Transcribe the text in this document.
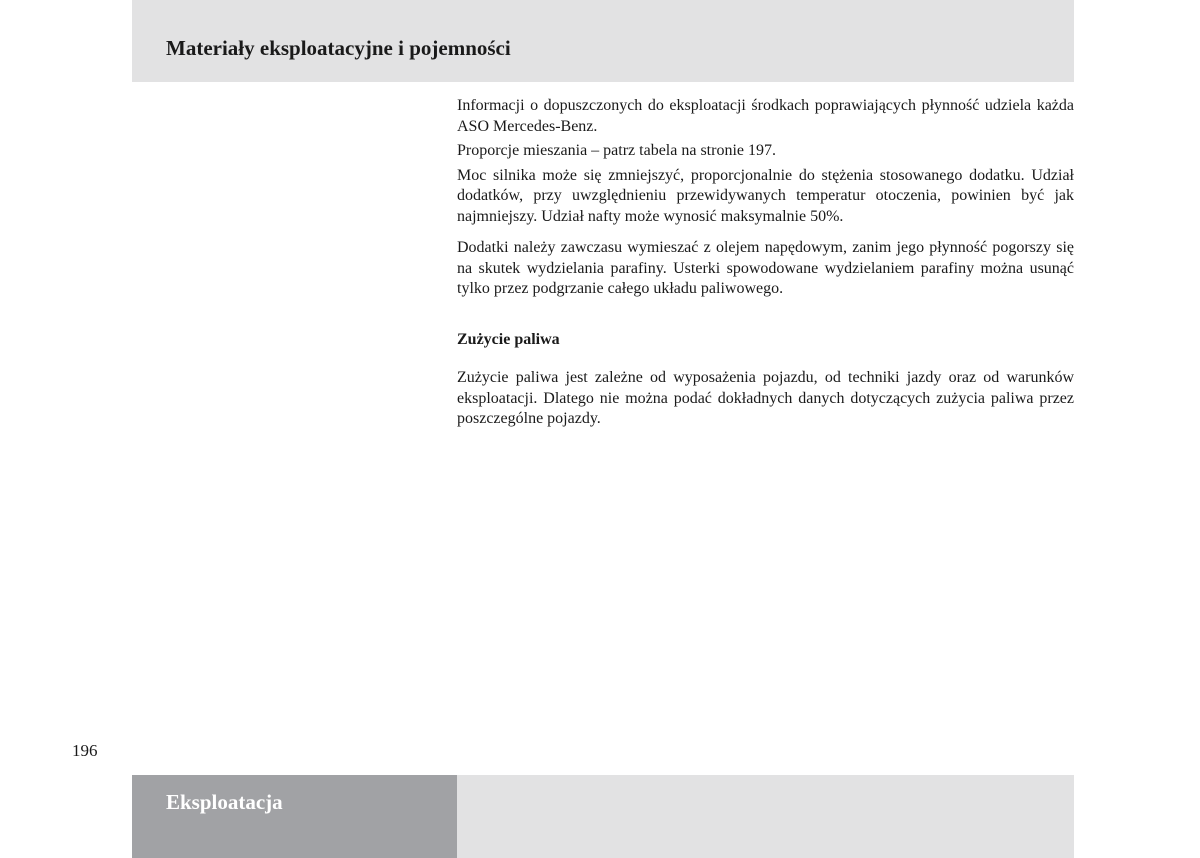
Materiały eksploatacyjne i pojemności

Informacji o dopuszczonych do eksploatacji środkach poprawiających płynność udziela każda ASO Mercedes-Benz.

Proporcje mieszania – patrz tabela na stronie 197.

Moc silnika może się zmniejszyć, proporcjonalnie do stężenia stosowanego dodatku. Udział dodatków, przy uwzględnieniu przewidywanych temperatur otoczenia, powinien być jak najmniejszy. Udział nafty może wynosić maksymalnie 50%.

Dodatki należy zawczasu wymieszać z olejem napędowym, zanim jego płynność pogorszy się na skutek wydzielania parafiny. Usterki spowodowane wydzielaniem parafiny można usunąć tylko przez podgrzanie całego układu paliwowego.

Zużycie paliwa

Zużycie paliwa jest zależne od wyposażenia pojazdu, od techniki jazdy oraz od warunków eksploatacji. Dlatego nie można podać dokładnych danych dotyczących zużycia paliwa przez poszczególne pojazdy.

196
Eksploatacja
